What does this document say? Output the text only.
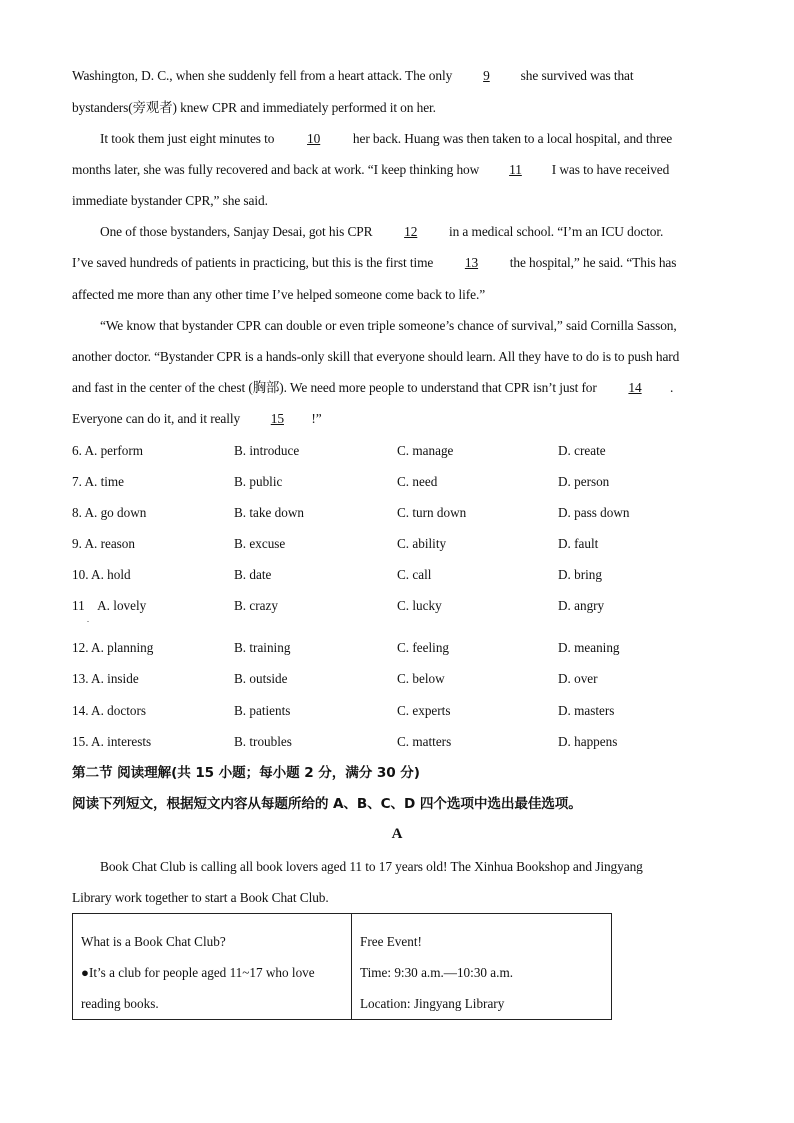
Washington, D. C., when she suddenly fell from a heart attack. The only 9 she survived was that
bystanders(旁观者) knew CPR and immediately performed it on her.
It took them just eight minutes to 10 her back. Huang was then taken to a local hospital, and three
months later, she was fully recovered and back at work. “I keep thinking how 11 I was to have received
immediate bystander CPR,” she said.
One of those bystanders, Sanjay Desai, got his CPR 12 in a medical school. “I’m an ICU doctor.
I’ve saved hundreds of patients in practicing, but this is the first time 13 the hospital,” he said. “This has
affected me more than any other time I’ve helped someone come back to life.”
“We know that bystander CPR can double or even triple someone’s chance of survival,” said Cornilla Sasson,
another doctor. “Bystander CPR is a hands-only skill that everyone should learn. All they have to do is to push hard
and fast in the center of the chest (胸部). We need more people to understand that CPR isn’t just for 14 .
Everyone can do it, and it really 15 !”
6. A. perform	B. introduce	C. manage	D. create
7. A. time	B. public	C. need	D. person
8. A. go down	B. take down	C. turn down	D. pass down
9. A. reason	B. excuse	C. ability	D. fault
10. A. hold	B. date	C. call	D. bring
11    A. lovely	B. crazy	C. lucky	D. angry
.
12. A. planning	B. training	C. feeling	D. meaning
13. A. inside	B. outside	C. below	D. over
14. A. doctors	B. patients	C. experts	D. masters
15. A. interests	B. troubles	C. matters	D. happens
第二节 阅读理解(共 15 小题；每小题 2 分，满分 30 分)
阅读下列短文，根据短文内容从每题所给的 A、B、C、D 四个选项中选出最佳选项。
A
Book Chat Club is calling all book lovers aged 11 to 17 years old! The Xinhua Bookshop and Jingyang
Library work together to start a Book Chat Club.
What is a Book Chat Club?
●It’s a club for people aged 11~17 who love
reading books.

Free Event!
Time: 9:30 a.m.—10:30 a.m.
Location: Jingyang Library
